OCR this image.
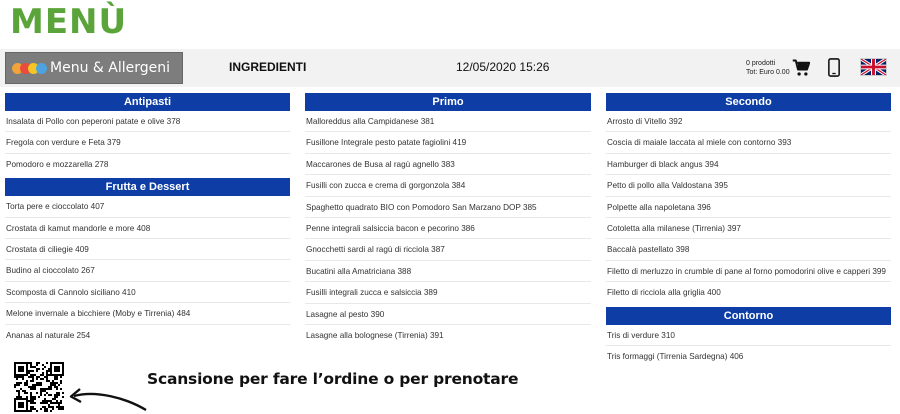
MENÙ
Menu & Allergeni	INGREDIENTI	12/05/2020 15:26	0 prodotti
Tot: Euro 0.00
Antipasti
Insalata di Pollo con peperoni patate e olive 378
Fregola con verdure e Feta 379
Pomodoro e mozzarella 278
Frutta e Dessert
Torta pere e cioccolato 407
Crostata di kamut mandorle e more 408
Crostata di ciliegie 409
Budino al cioccolato 267
Scomposta di Cannolo siciliano 410
Melone invernale a bicchiere (Moby e Tirrenia) 484
Ananas al naturale 254
Primo
Malloreddus alla Campidanese 381
Fusillone Integrale pesto patate fagiolini 419
Maccarones de Busa al ragù agnello 383
Fusilli con zucca e crema di gorgonzola 384
Spaghetto quadrato BIO con Pomodoro San Marzano DOP 385
Penne integrali salsiccia bacon e pecorino 386
Gnocchetti sardi al ragù di ricciola 387
Bucatini alla Amatriciana 388
Fusilli integrali zucca e salsiccia 389
Lasagne al pesto 390
Lasagne alla bolognese (Tirrenia) 391
Secondo
Arrosto di Vitello 392
Coscia di maiale laccata al miele con contorno 393
Hamburger di black angus 394
Petto di pollo alla Valdostana 395
Polpette alla napoletana 396
Cotoletta alla milanese (Tirrenia) 397
Baccalà pastellato 398
Filetto di merluzzo in crumble di pane al forno pomodorini olive e capperi 399
Filetto di ricciola alla griglia 400
Contorno
Tris di verdure 310
Tris formaggi (Tirrenia Sardegna) 406
Scansione per fare l’ordine o per prenotare
